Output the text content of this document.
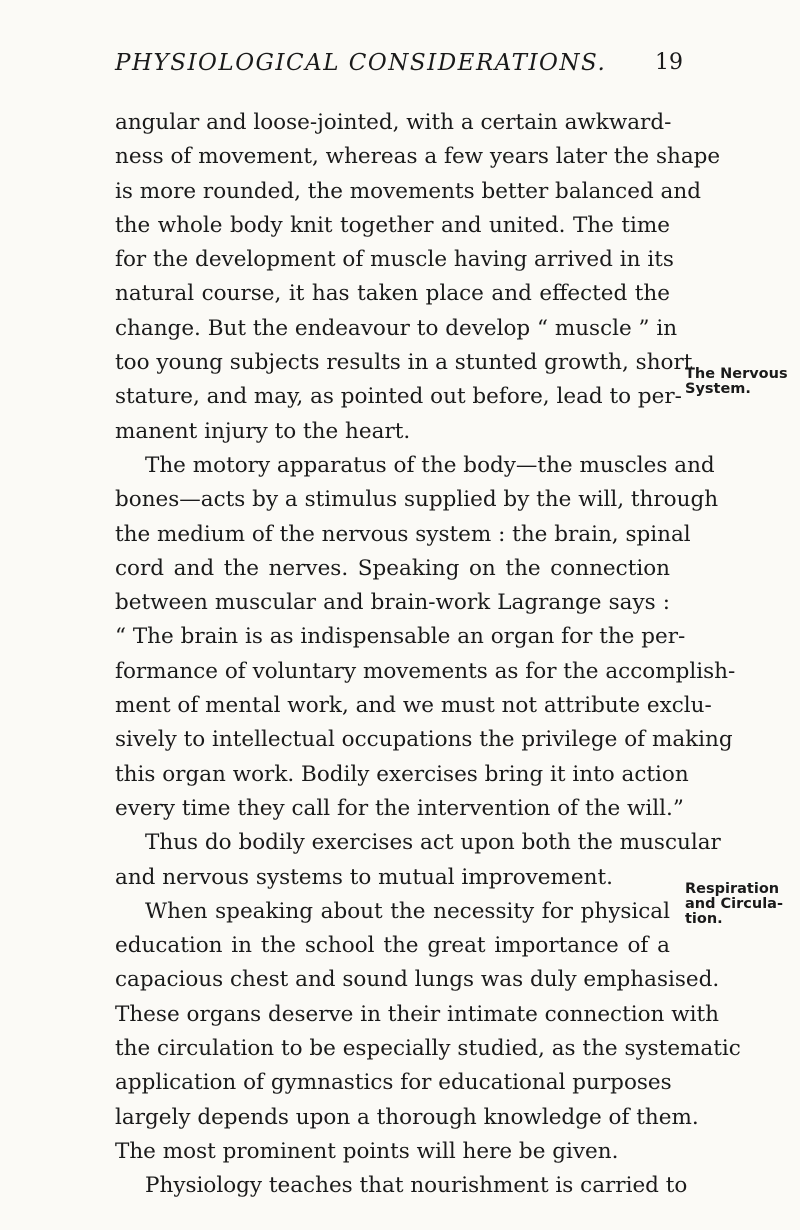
PHYSIOLOGICAL CONSIDERATIONS. 19
angular and loose-jointed, with a certain awkward-
ness of movement, whereas a few years later the shape
is more rounded, the movements better balanced and
the whole body knit together and united. The time
for the development of muscle having arrived in its
natural course, it has taken place and effected the
change. But the endeavour to develop “ muscle ” in
too young subjects results in a stunted growth, short
stature, and may, as pointed out before, lead to per-
manent injury to the heart.
The motory apparatus of the body—the muscles and
bones—acts by a stimulus supplied by the will, through
the medium of the nervous system : the brain, spinal
cord and the nerves. Speaking on the connection
between muscular and brain-work Lagrange says :
“ The brain is as indispensable an organ for the per-
formance of voluntary movements as for the accomplish-
ment of mental work, and we must not attribute exclu-
sively to intellectual occupations the privilege of making
this organ work. Bodily exercises bring it into action
every time they call for the intervention of the will.”
Thus do bodily exercises act upon both the muscular
and nervous systems to mutual improvement.
When speaking about the necessity for physical
education in the school the great importance of a
capacious chest and sound lungs was duly emphasised.
These organs deserve in their intimate connection with
the circulation to be especially studied, as the systematic
application of gymnastics for educational purposes
largely depends upon a thorough knowledge of them.
The most prominent points will here be given.
Physiology teaches that nourishment is carried to
The Nervous
System.
Respiration
and Circula-
tion.
